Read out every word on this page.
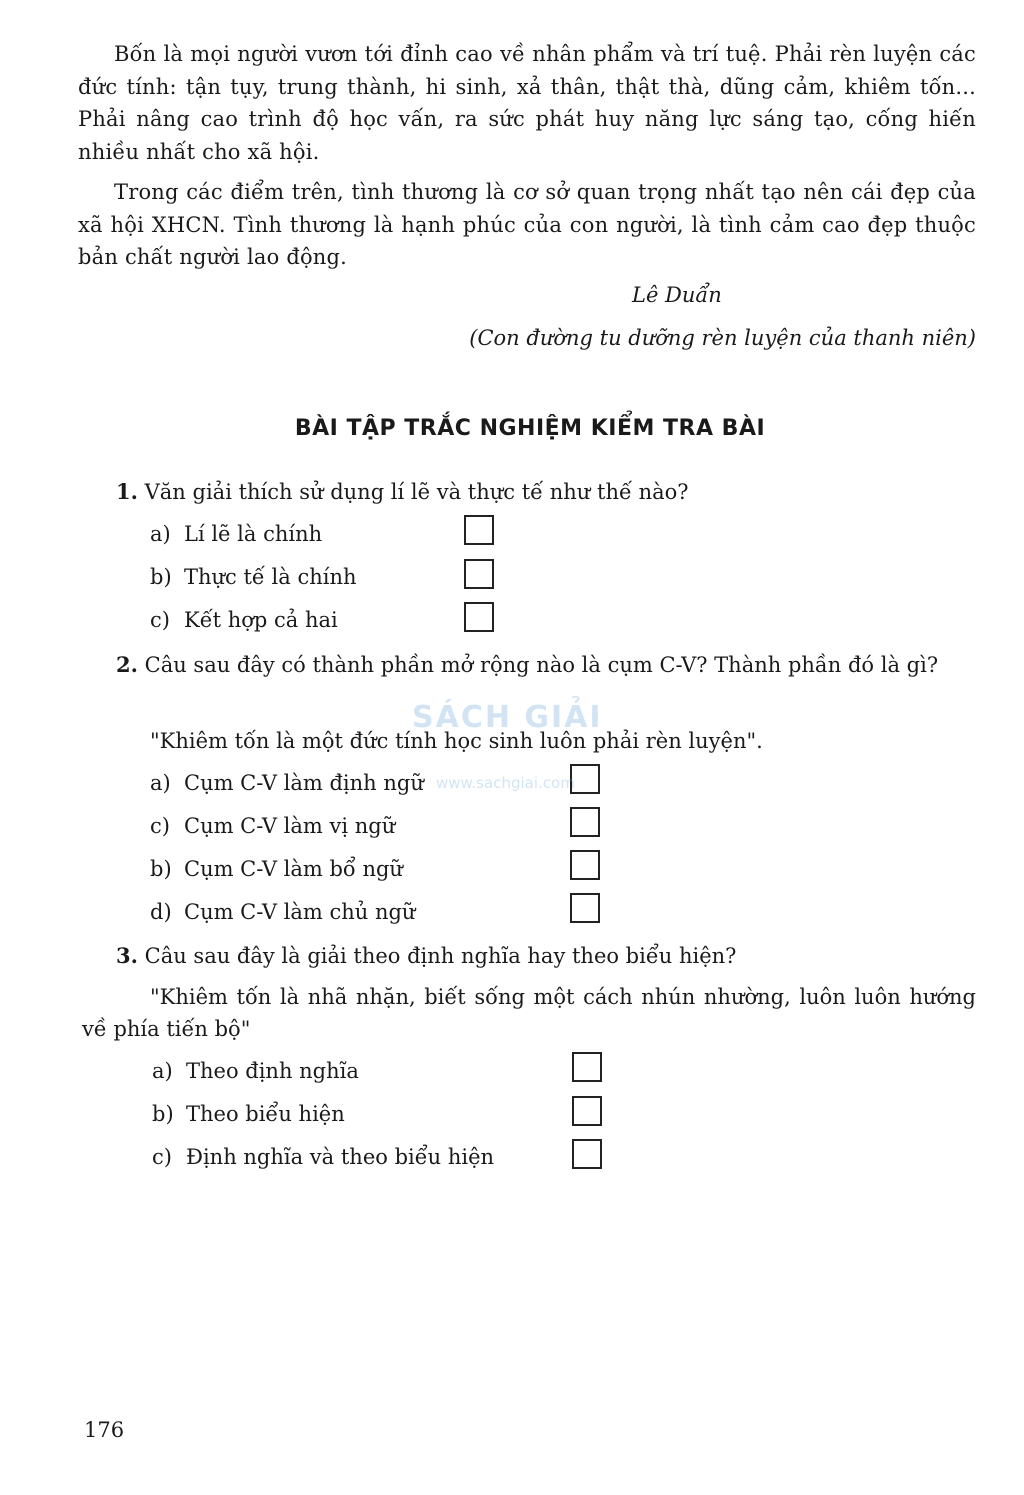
Bốn là mọi người vươn tới đỉnh cao về nhân phẩm và trí tuệ. Phải rèn luyện các đức tính: tận tụy, trung thành, hi sinh, xả thân, thật thà, dũng cảm, khiêm tốn... Phải nâng cao trình độ học vấn, ra sức phát huy năng lực sáng tạo, cống hiến nhiều nhất cho xã hội.

Trong các điểm trên, tình thương là cơ sở quan trọng nhất tạo nên cái đẹp của xã hội XHCN. Tình thương là hạnh phúc của con người, là tình cảm cao đẹp thuộc bản chất người lao động.

Lê Duẩn
(Con đường tu dưỡng rèn luyện của thanh niên)
BÀI TẬP TRẮC NGHIỆM KIỂM TRA BÀI

1. Văn giải thích sử dụng lí lẽ và thực tế như thế nào?

a) Lí lẽ là chính
b) Thực tế là chính
c) Kết hợp cả hai

2. Câu sau đây có thành phần mở rộng nào là cụm C-V? Thành phần đó là gì?

"Khiêm tốn là một đức tính học sinh luôn phải rèn luyện".
a) Cụm C-V làm định ngữ
c) Cụm C-V làm vị ngữ
b) Cụm C-V làm bổ ngữ
d) Cụm C-V làm chủ ngữ

3. Câu sau đây là giải theo định nghĩa hay theo biểu hiện?

"Khiêm tốn là nhã nhặn, biết sống một cách nhún nhường, luôn luôn hướng về phía tiến bộ"
a) Theo định nghĩa
b) Theo biểu hiện
c) Định nghĩa và theo biểu hiện
SÁCH GIẢI
www.sachgiai.com
176
